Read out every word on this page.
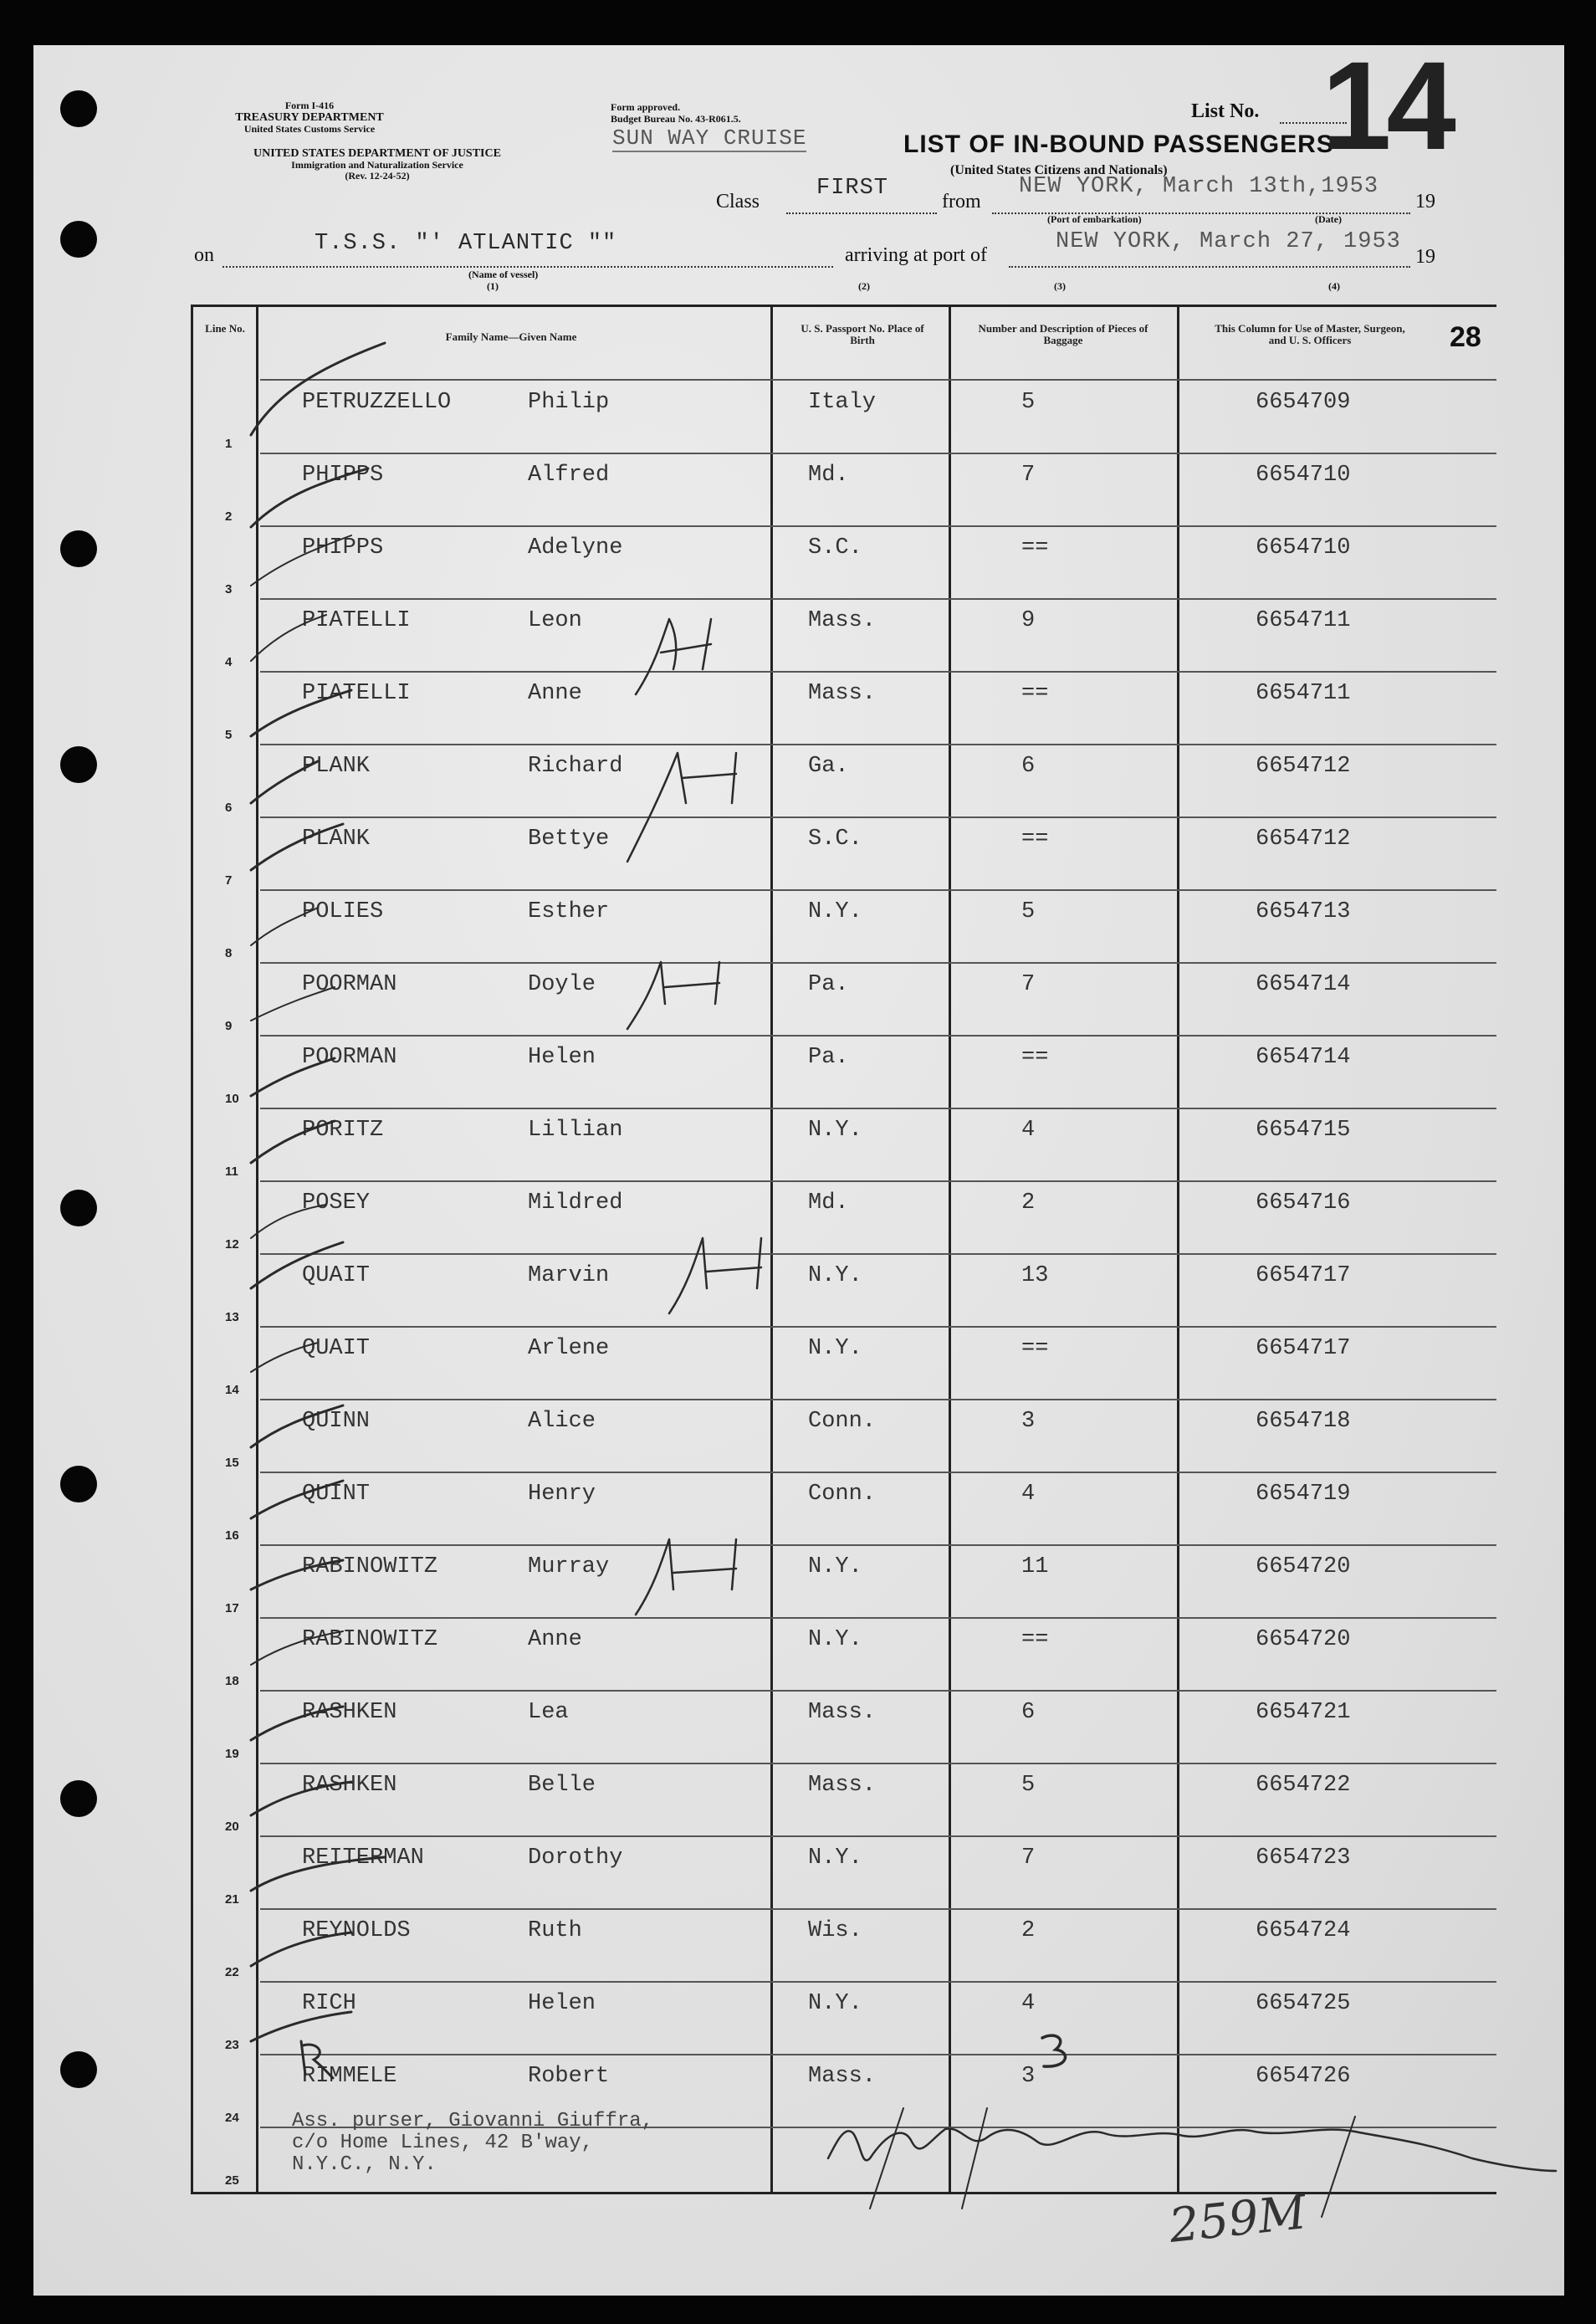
Form I-416
TREASURY DEPARTMENT
United States Customs Service
UNITED STATES DEPARTMENT OF JUSTICE
Immigration and Naturalization Service
(Rev. 12-24-52)
Form approved.
Budget Bureau No. 43-R061.5.
SUN WAY CRUISE	LIST OF IN-BOUND PASSENGERS
(United States Citizens and Nationals)
List No. 14
Class
FIRST
from
NEW YORK, March 13th,1953
19
(Port of embarkation)	(Date)
on	T.S.S. "' ATLANTIC ""
(Name of vessel)
(1)
arriving at port of
NEW YORK, March 27, 1953
19
(2)	(3)	(4)
Line No.
Family Name—Given Name
U. S. Passport No. Place of Birth
Number and Description of Pieces of Baggage
This Column for Use of Master, Surgeon, and U. S. Officers	28
1
PETRUZZELLO	Philip	Italy	5	6654709
2
PHIPPS	Alfred	Md.	7	6654710
3
PHIPPS	Adelyne	S.C.	==	6654710
4
PIATELLI	Leon	Mass.	9	6654711
5
PIATELLI	Anne	Mass.	==	6654711
6
PLANK	Richard	Ga.	6	6654712
7
PLANK	Bettye	S.C.	==	6654712
8
POLIES	Esther	N.Y.	5	6654713
9
POORMAN	Doyle	Pa.	7	6654714
10
POORMAN	Helen	Pa.	==	6654714
11
PORITZ	Lillian	N.Y.	4	6654715
12
POSEY	Mildred	Md.	2	6654716
13
QUAIT	Marvin	N.Y.	13	6654717
14
QUAIT	Arlene	N.Y.	==	6654717
15
QUINN	Alice	Conn.	3	6654718
16
QUINT	Henry	Conn.	4	6654719
17
RABINOWITZ	Murray	N.Y.	11	6654720
18
RABINOWITZ	Anne	N.Y.	==	6654720
19
RASHKEN	Lea	Mass.	6	6654721
20
RASHKEN	Belle	Mass.	5	6654722
21
REITERMAN	Dorothy	N.Y.	7	6654723
22
REYNOLDS	Ruth	Wis.	2	6654724
23
RICH	Helen	N.Y.	4	6654725
24
RIMMELE	Robert	Mass.	3	6654726
25
Ass. purser, Giovanni Giuffra,
c/o Home Lines, 42 B'way,
N.Y.C., N.Y.
259M
